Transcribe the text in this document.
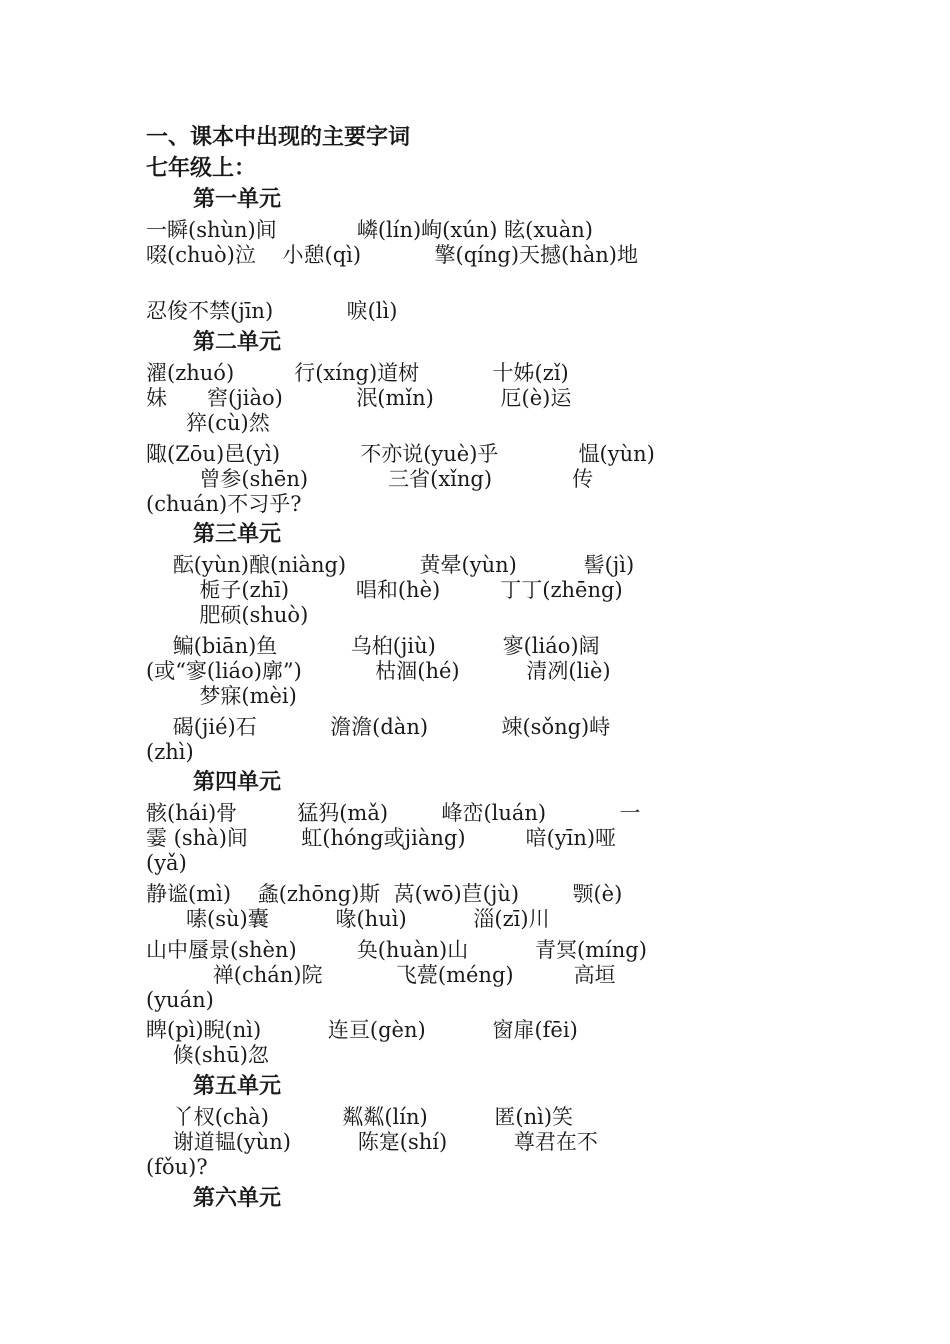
一、课本中出现的主要字词
七年级上：
第一单元
一瞬(shùn)间            嶙(lín)峋(xún) 眩(xuàn)
啜(chuò)泣    小憩(qì)           擎(qíng)天撼(hàn)地
忍俊不禁(jīn)           唳(lì)
第二单元
濯(zhuó)         行(xíng)道树           十姊(zǐ)
妹      窖(jiào)           泯(mǐn)          厄(è)运
猝(cù)然
陬(Zōu)邑(yì)            不亦说(yuè)乎            愠(yùn)
曾参(shēn)            三省(xǐng)            传
(chuán)不习乎?
第三单元
酝(yùn)酿(niàng)           黄晕(yùn)          髻(jì)
栀子(zhī)          唱和(hè)         丁丁(zhēng)
肥硕(shuò)
鳊(biān)鱼           乌桕(jiù)          寥(liáo)阔
(或“寥(liáo)廓”)           枯涸(hé)          清冽(liè)
梦寐(mèi)
碣(jié)石           澹澹(dàn)           竦(sǒng)峙
(zhì)
第四单元
骸(hái)骨         猛犸(mǎ)        峰峦(luán)           一
霎 (shà)间        虹(hóng或jiàng)         喑(yīn)哑
(yǎ)
静谧(mì)    螽(zhōng)斯  莴(wō)苣(jù)        颚(è)
嗉(sù)囊          喙(huì)          淄(zī)川
山中蜃景(shèn)         奂(huàn)山          青冥(míng)
禅(chán)院           飞甍(méng)         高垣
(yuán)
睥(pì)睨(nì)          连亘(gèn)          窗扉(fēi)
倏(shū)忽
第五单元
丫杈(chà)           粼粼(lín)          匿(nì)笑
谢道韫(yùn)          陈寔(shí)          尊君在不
(fǒu)?
第六单元
